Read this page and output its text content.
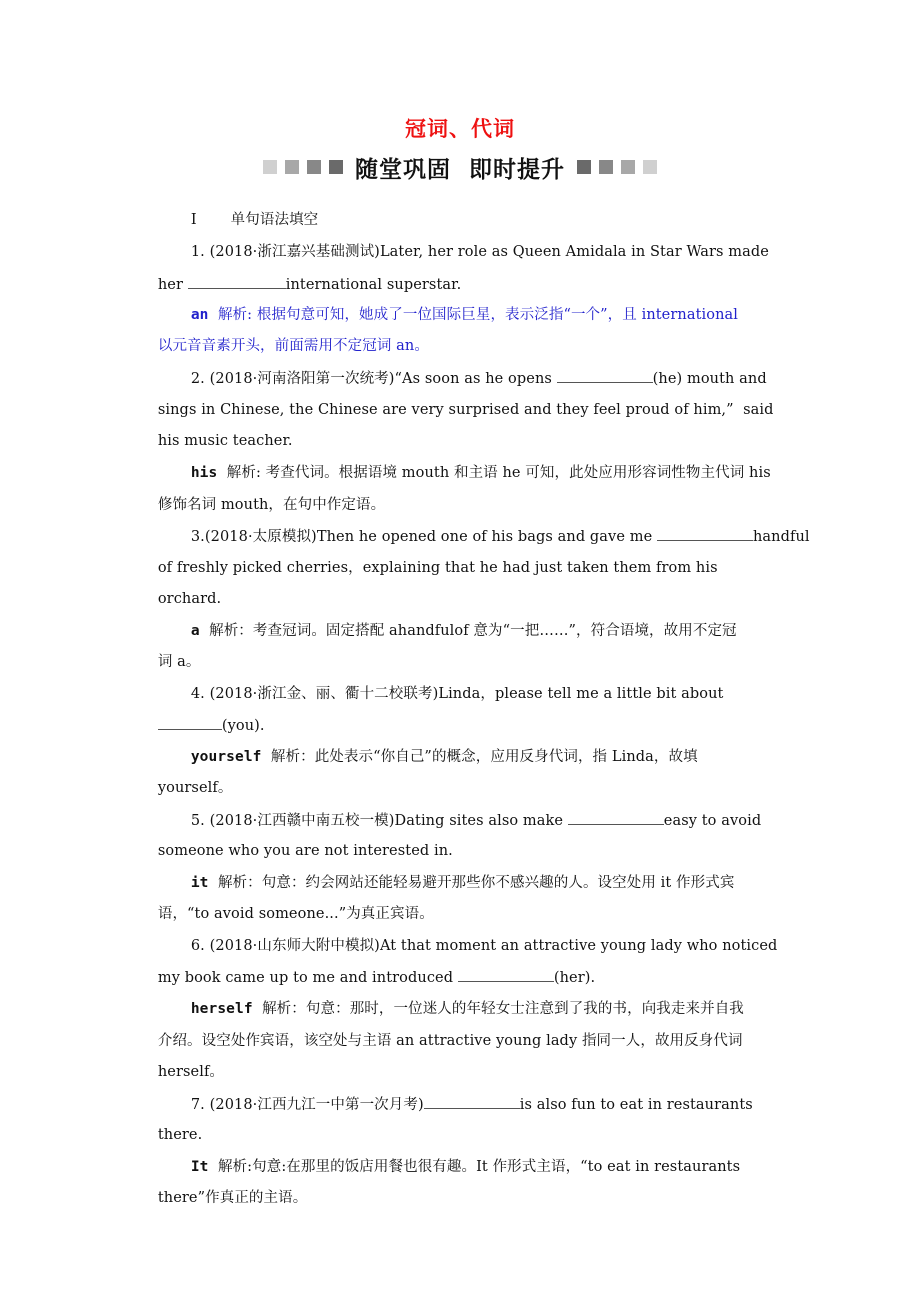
冠词、代词
随堂巩固  即时提升

Ⅰ 单句语法填空

1. (2018·浙江嘉兴基础测试)Later, her role as Queen Amidala in Star Wars made

her	international superstar.

an 解析: 根据句意可知，她成了一位国际巨星，表示泛指“一个”，且 international

以元音音素开头，前面需用不定冠词 an。

2. (2018·河南洛阳第一次统考)“As soon as he opens	(he) mouth and

sings in Chinese, the Chinese are very surprised and they feel proud of him,”  said

his music teacher.

his 解析: 考查代词。根据语境 mouth 和主语 he 可知，此处应用形容词性物主代词 his

修饰名词 mouth，在句中作定语。

3.(2018·太原模拟)Then he opened one of his bags and gave me	handful

of freshly picked cherries，explaining that he had just taken them from his

orchard.

a 解析：考查冠词。固定搭配 ahandfulof 意为“一把……”，符合语境，故用不定冠

词 a。

4. (2018·浙江金、丽、衢十二校联考)Linda，please tell me a little bit about

(you).

yourself 解析：此处表示“你自己”的概念，应用反身代词，指 Linda，故填

yourself。

5. (2018·江西赣中南五校一模)Dating sites also make	easy to avoid

someone who you are not interested in.

it 解析：句意：约会网站还能轻易避开那些你不感兴趣的人。设空处用 it 作形式宾

语，“to avoid someone...”为真正宾语。

6. (2018·山东师大附中模拟)At that moment an attractive young lady who noticed

my book came up to me and introduced	(her).

herself 解析：句意：那时，一位迷人的年轻女士注意到了我的书，向我走来并自我

介绍。设空处作宾语，该空处与主语 an attractive young lady 指同一人，故用反身代词

herself。

7. (2018·江西九江一中第一次月考)	is also fun to eat in restaurants

there.

It 解析:句意:在那里的饭店用餐也很有趣。It 作形式主语，“to eat in restaurants

there”作真正的主语。
